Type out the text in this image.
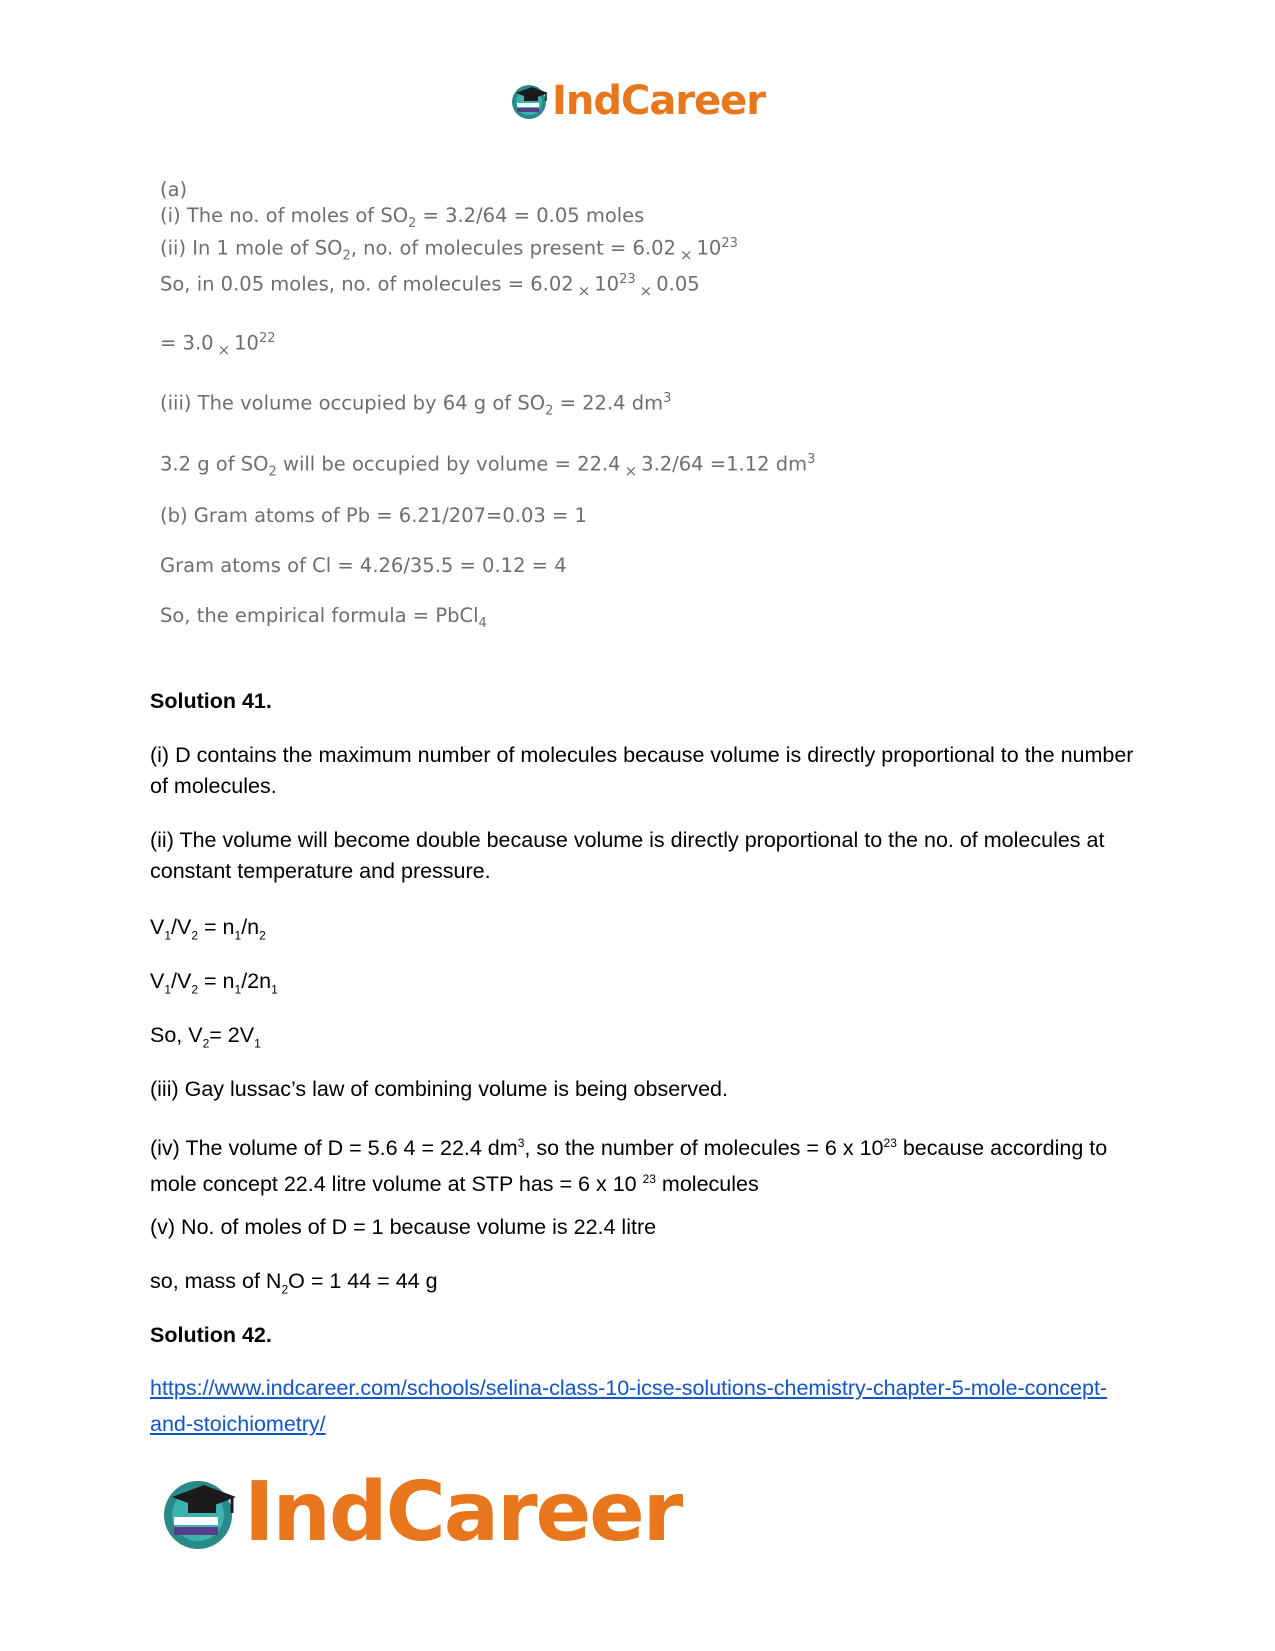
IndCareer
(a)
(i) The no. of moles of $SO_2 = 3.2/64 = 0.05$ moles
(ii) In 1 mole of $SO_2$, no. of molecules present = 6.02 $_\times$ $10^{23}$
So, in 0.05 moles, no. of molecules = 6.02 $_\times$ $10^{23}_\times$ 0.05
= 3.0 $_\times$ $10^{22}$
(iii) The volume occupied by 64 g of $SO_2 = 22.4$ $dm^3$
3.2 g of $SO_2$ will be occupied by volume = 22.4 $_\times$ 3.2/64 =1.12 $dm^3$
(b) Gram atoms of Pb = 6.21/207=0.03 = 1
Gram atoms of Cl = 4.26/35.5 = 0.12 = 4
So, the empirical formula = PbCl$_4$
Solution 41.
(i) D contains the maximum number of molecules because volume is directly proportional to the number of molecules.
(ii) The volume will become double because volume is directly proportional to the no. of molecules at constant temperature and pressure.
$V_1/V_2 = n_1/n_2$
$V_1/V_2 = n_1/2n_1$
So, $V_2= 2V_1$
(iii) Gay lussac’s law of combining volume is being observed.
(iv) The volume of D = 5.6 4 = 22.4 $dm^3$, so the number of molecules = 6 x $10^{23}$ because according to mole concept 22.4 litre volume at STP has = 6 x 10 $^{23}$ molecules
(v) No. of moles of D = 1 because volume is 22.4 litre
so, mass of $N_2O = 1$ 44 = 44 g
Solution 42.
https://www.indcareer.com/schools/selina-class-10-icse-solutions-chemistry-chapter-5-mole-concept-and-stoichiometry/
IndCareer
